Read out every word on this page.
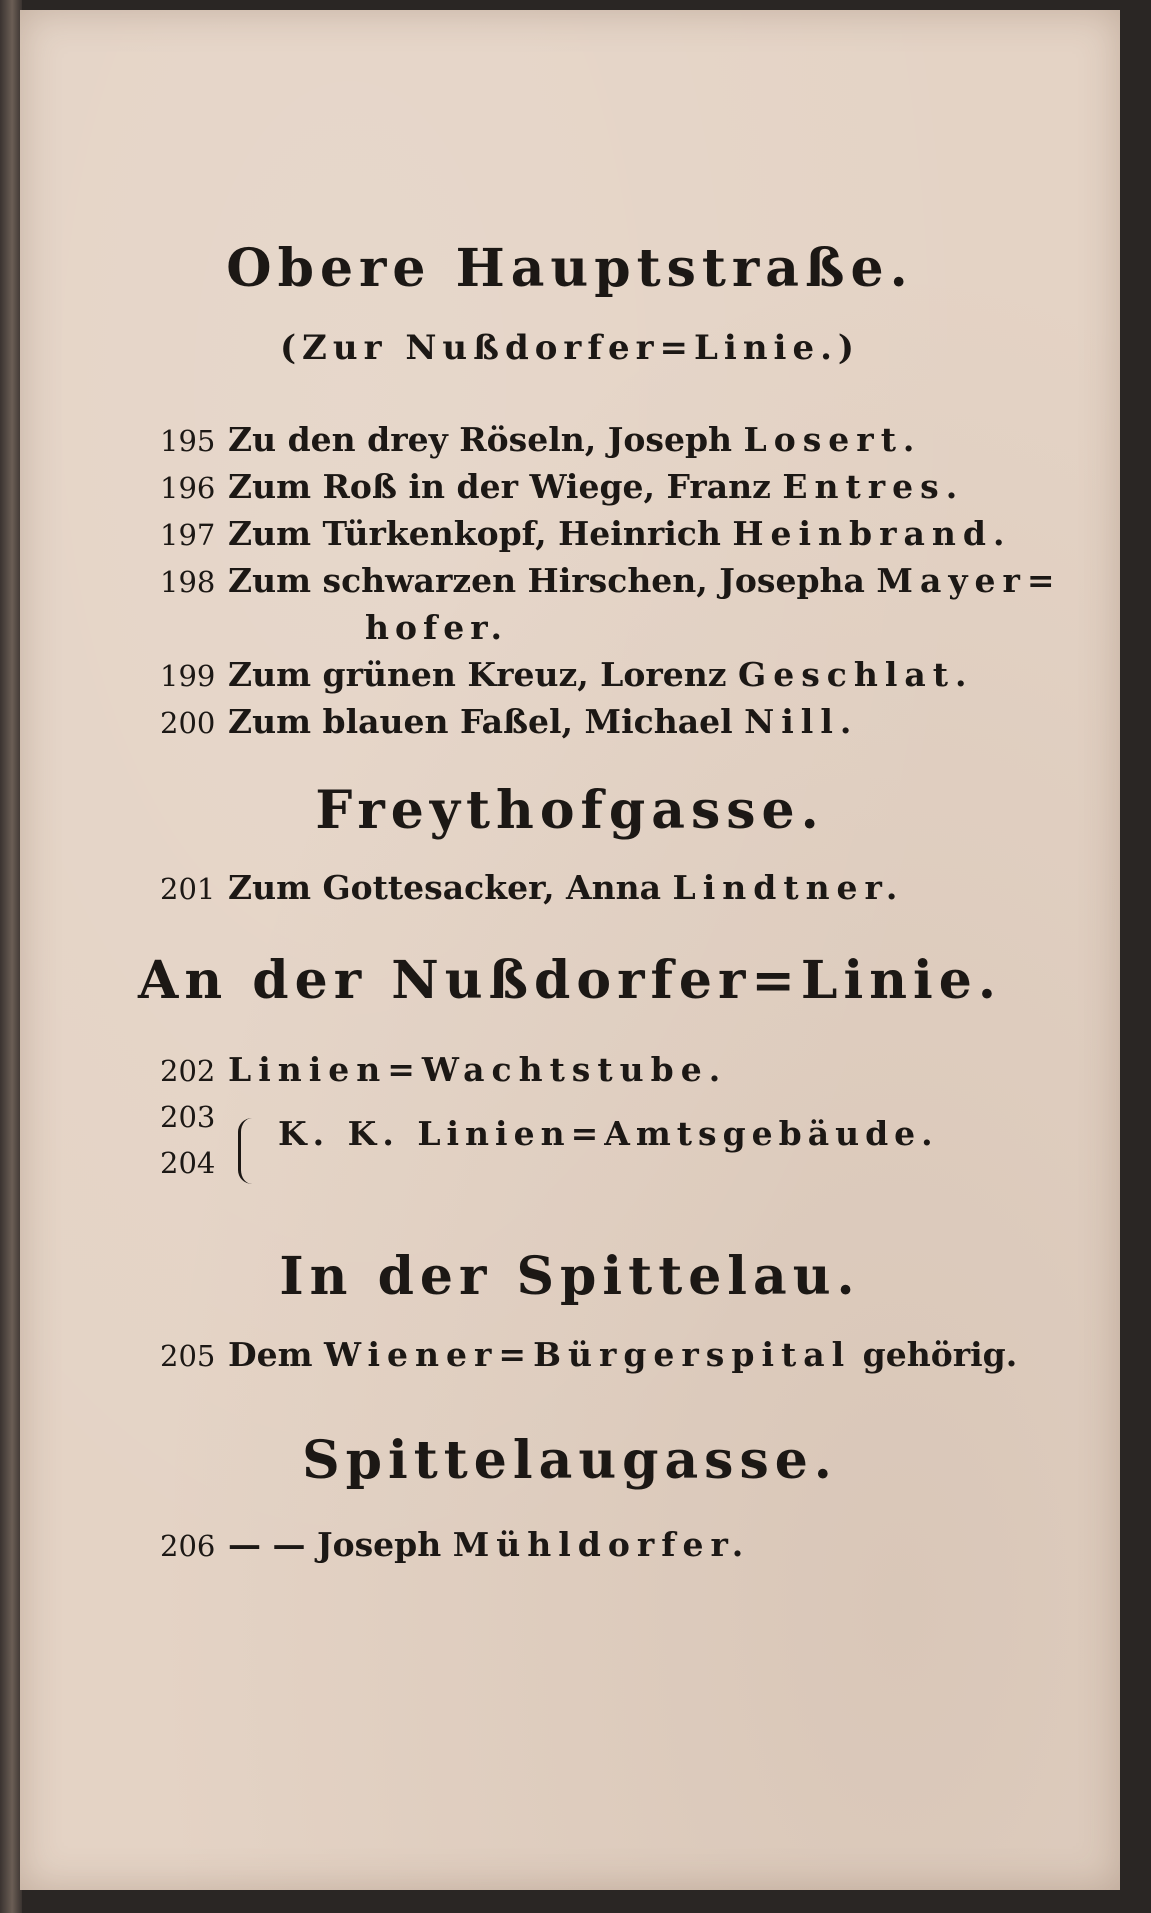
Obere Hauptstraße.
(Zur Nußdorfer=Linie.)
195 Zu den drey Röseln, Joseph Losert.
196 Zum Roß in der Wiege, Franz Entres.
197 Zum Türkenkopf, Heinrich Heinbrand.
198 Zum schwarzen Hirschen, Josepha Mayer=
hofer.
199 Zum grünen Kreuz, Lorenz Geschlat.
200 Zum blauen Faßel, Michael Nill.
Freythofgasse.
201 Zum Gottesacker, Anna Lindtner.
An der Nußdorfer=Linie.
202 Linien=Wachtstube.
203
204
K. K. Linien=Amtsgebäude.
In der Spittelau.
205 Dem Wiener=Bürgerspital gehörig.
Spittelaugasse.
206 — — Joseph Mühldorfer.
